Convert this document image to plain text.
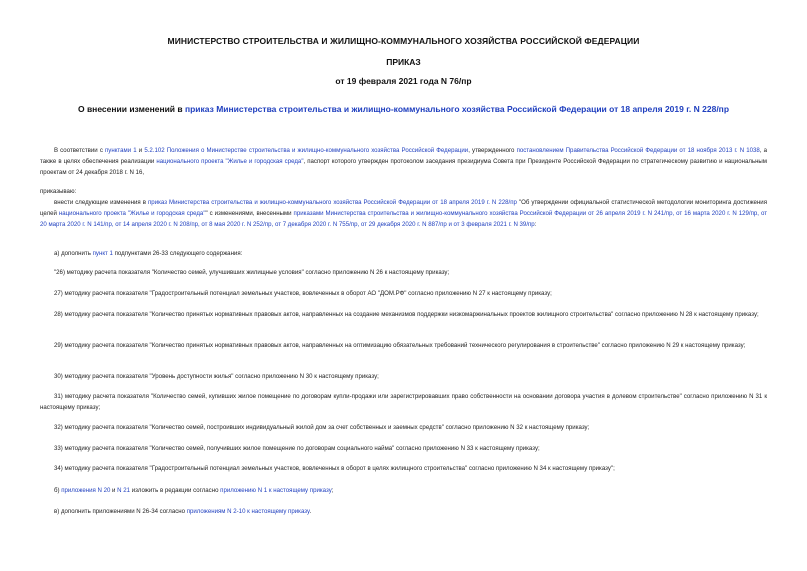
МИНИСТЕРСТВО СТРОИТЕЛЬСТВА И ЖИЛИЩНО-КОММУНАЛЬНОГО ХОЗЯЙСТВА РОССИЙСКОЙ ФЕДЕРАЦИИ
ПРИКАЗ
от 19 февраля 2021 года N 76/пр
О внесении изменений в приказ Министерства строительства и жилищно-коммунального хозяйства Российской Федерации от 18 апреля 2019 г. N 228/пр
В соответствии с пунктами 1 и 5.2.102 Положения о Министерстве строительства и жилищно-коммунального хозяйства Российской Федерации, утвержденного постановлением Правительства Российской Федерации от 18 ноября 2013 г. N 1038, а также в целях обеспечения реализации национального проекта "Жилье и городская среда", паспорт которого утвержден протоколом заседания президиума Совета при Президенте Российской Федерации по стратегическому развитию и национальным проектам от 24 декабря 2018 г. N 16,
приказываю:
внести следующие изменения в приказ Министерства строительства и жилищно-коммунального хозяйства Российской Федерации от 18 апреля 2019 г. N 228/пр "Об утверждении официальной статистической методологии мониторинга достижения целей национального проекта "Жилье и городская среда"" с изменениями, внесенными приказами Министерства строительства и жилищно-коммунального хозяйства Российской Федерации от 26 апреля 2019 г. N 241/пр, от 16 марта 2020 г. N 129/пр, от 20 марта 2020 г. N 141/пр, от 14 апреля 2020 г. N 208/пр, от 8 мая 2020 г. N 252/пр, от 7 декабря 2020 г. N 755/пр, от 29 декабря 2020 г. N 887/пр и от 3 февраля 2021 г. N 39/пр:
а) дополнить пункт 1 подпунктами 26-33 следующего содержания:
"26) методику расчета показателя "Количество семей, улучшивших жилищные условия" согласно приложению N 26 к настоящему приказу;
27) методику расчета показателя "Градостроительный потенциал земельных участков, вовлеченных в оборот АО "ДОМ.РФ" согласно приложению N 27 к настоящему приказу;
28) методику расчета показателя "Количество принятых нормативных правовых актов, направленных на создание механизмов поддержки низкомаржинальных проектов жилищного строительства" согласно приложению N 28 к настоящему приказу;
29) методику расчета показателя "Количество принятых нормативных правовых актов, направленных на оптимизацию обязательных требований технического регулирования в строительстве" согласно приложению N 29 к настоящему приказу;
30) методику расчета показателя "Уровень доступности жилья" согласно приложению N 30 к настоящему приказу;
31) методику расчета показателя "Количество семей, купивших жилое помещение по договорам купли-продажи или зарегистрировавших право собственности на основании договора участия в долевом строительстве" согласно приложению N 31 к настоящему приказу;
32) методику расчета показателя "Количество семей, построивших индивидуальный жилой дом за счет собственных и заемных средств" согласно приложению N 32 к настоящему приказу;
33) методику расчета показателя "Количество семей, получивших жилое помещение по договорам социального найма" согласно приложению N 33 к настоящему приказу;
34) методику расчета показателя "Градостроительный потенциал земельных участков, вовлеченных в оборот в целях жилищного строительства" согласно приложению N 34 к настоящему приказу";
б) приложения N 20 и N 21 изложить в редакции согласно приложению N 1 к настоящему приказу;
в) дополнить приложениями N 26-34 согласно приложениям N 2-10 к настоящему приказу.
